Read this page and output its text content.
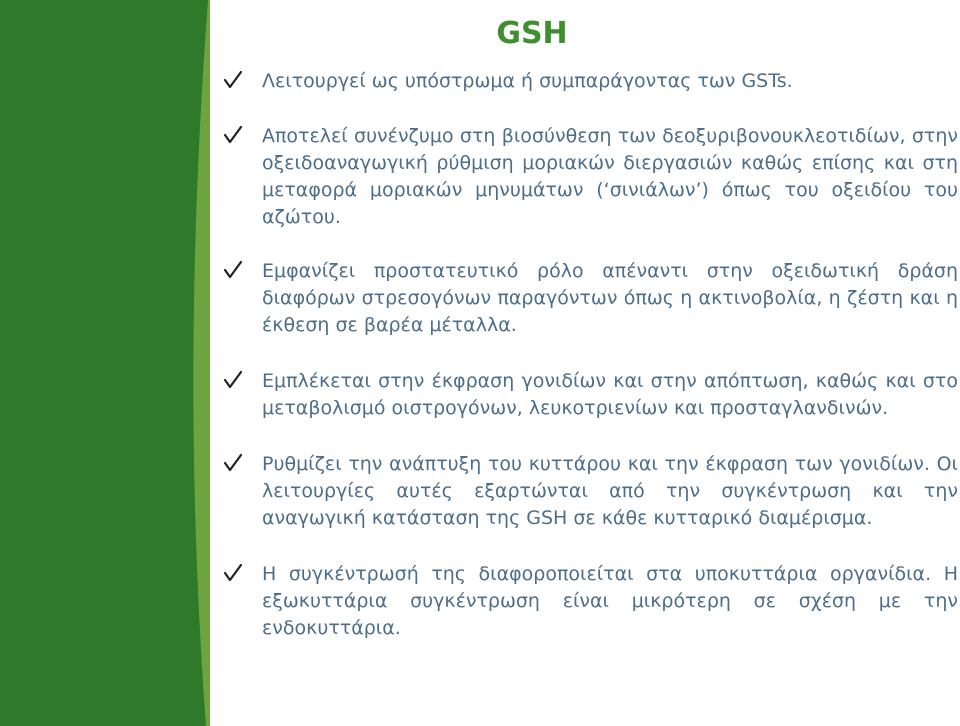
GSH
Λειτουργεί ως υπόστρωμα ή συμπαράγοντας των GSTs.
Αποτελεί συνένζυμο στη βιοσύνθεση των δεοξυριβονουκλεοτιδίων, στην οξειδοαναγωγική ρύθμιση μοριακών διεργασιών καθώς επίσης και στη μεταφορά μοριακών μηνυμάτων (‘σινιάλων’) όπως του οξειδίου του αζώτου.
Εμφανίζει προστατευτικό ρόλο απέναντι στην οξειδωτική δράση διαφόρων στρεσογόνων παραγόντων όπως η ακτινοβολία, η ζέστη και η έκθεση σε βαρέα μέταλλα.
Εμπλέκεται στην έκφραση γονιδίων και στην απόπτωση, καθώς και στο μεταβολισμό οιστρογόνων, λευκοτριενίων και προσταγλανδινών.
Ρυθμίζει την ανάπτυξη του κυττάρου και την έκφραση των γονιδίων. Οι λειτουργίες αυτές εξαρτώνται από την συγκέντρωση και την αναγωγική κατάσταση της GSH σε κάθε κυτταρικό διαμέρισμα.
Η συγκέντρωσή της διαφοροποιείται στα υποκυττάρια οργανίδια. Η εξωκυττάρια συγκέντρωση είναι μικρότερη σε σχέση με την ενδοκυττάρια.
